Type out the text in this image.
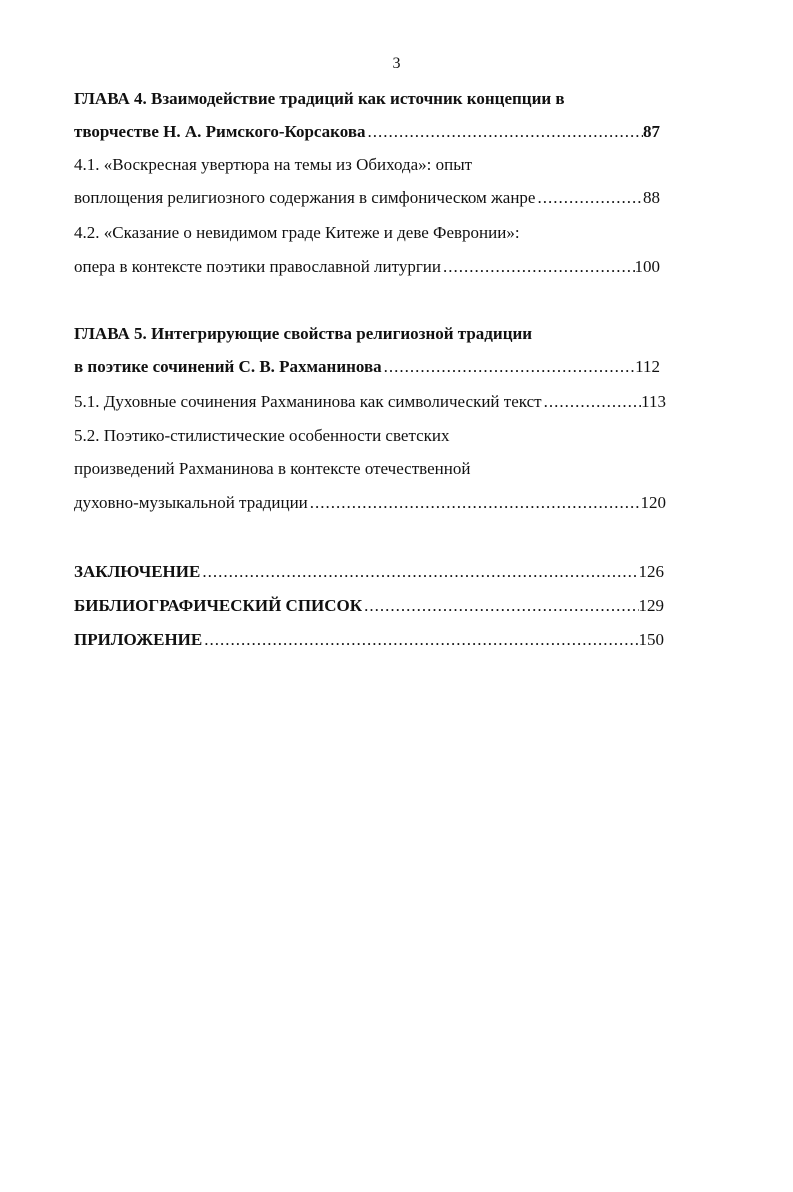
3
ГЛАВА 4. Взаимодействие традиций как источник концепции в
творчестве Н. А. Римского-Корсакова .....	87
4.1. «Воскресная увертюра на темы из Обихода»: опыт
воплощения религиозного содержания в симфоническом жанре .....	88
4.2. «Сказание о невидимом граде Китеже и деве Февронии»:
опера в контексте поэтики православной литургии .....	100
ГЛАВА 5. Интегрирующие свойства религиозной традиции
в поэтике сочинений С. В. Рахманинова .....	112
5.1. Духовные сочинения Рахманинова как символический текст .....	113
5.2. Поэтико-стилистические особенности светских
произведений Рахманинова в контексте отечественной
духовно-музыкальной традиции .....	120
ЗАКЛЮЧЕНИЕ .....	126
БИБЛИОГРАФИЧЕСКИЙ СПИСОК .....	129
ПРИЛОЖЕНИЕ .....	150
